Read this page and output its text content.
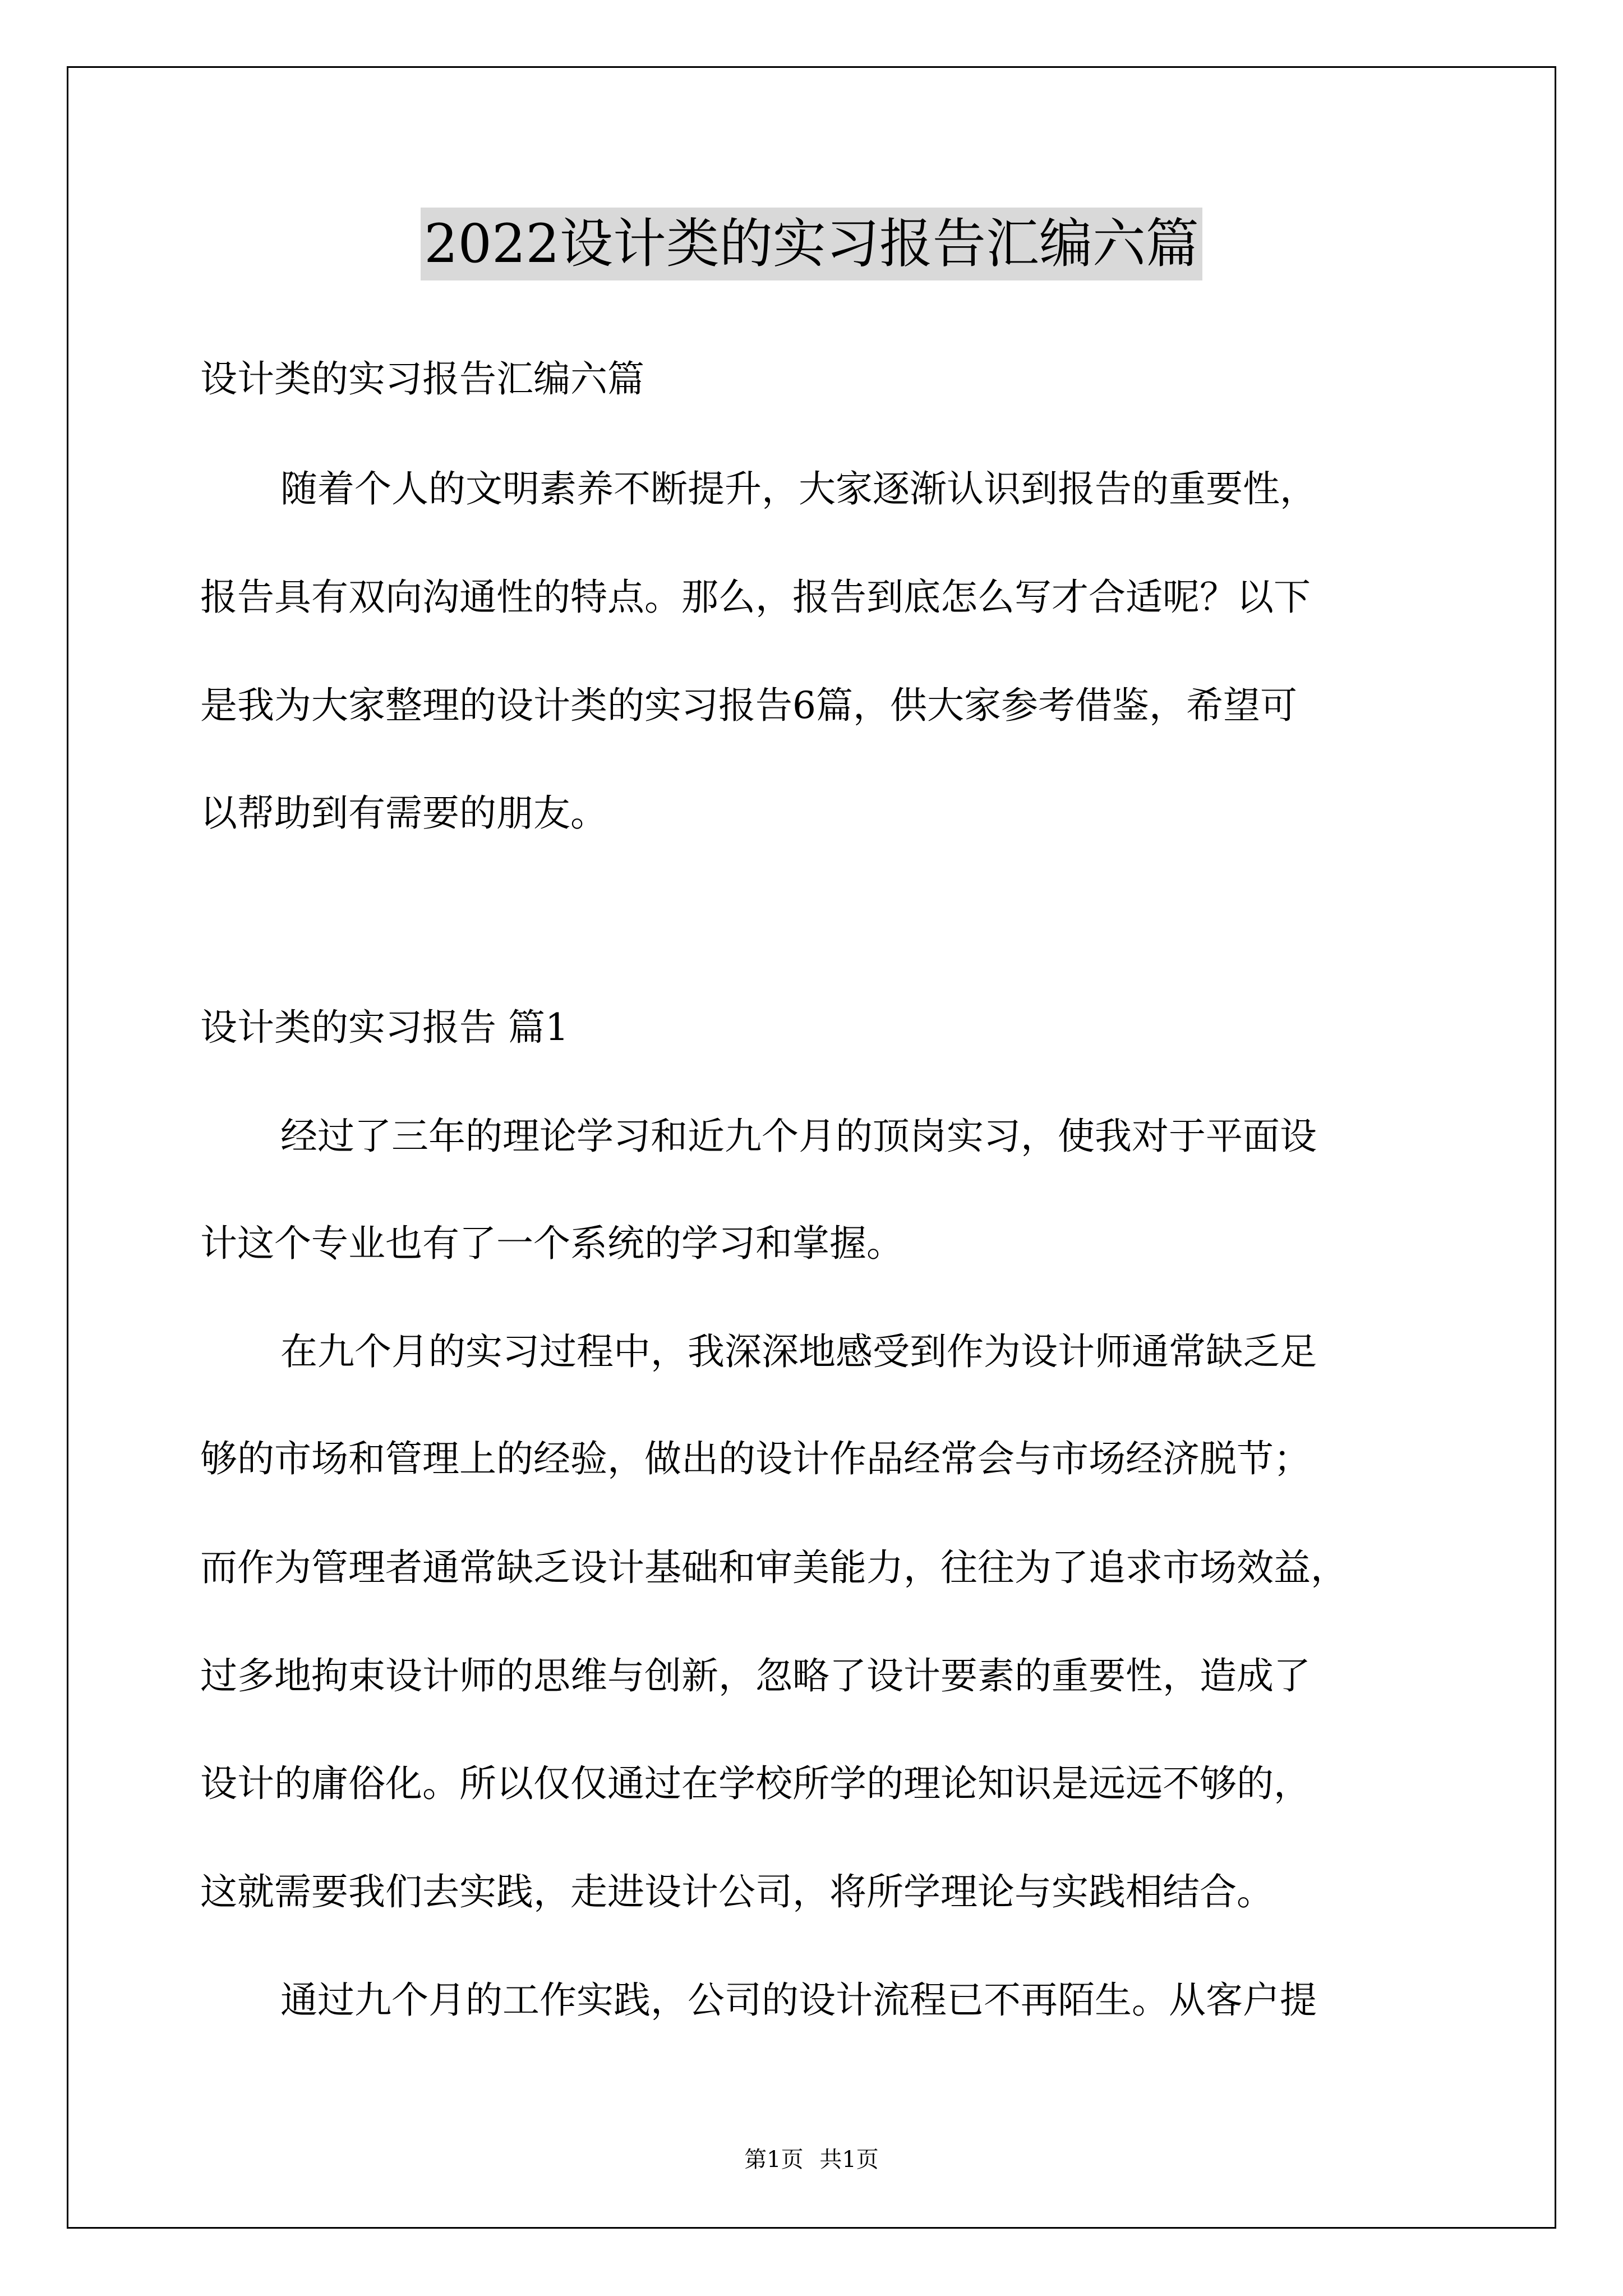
2022设计类的实习报告汇编六篇
设计类的实习报告汇编六篇
随着个人的文明素养不断提升，大家逐渐认识到报告的重要性，
报告具有双向沟通性的特点。那么，报告到底怎么写才合适呢？以下
是我为大家整理的设计类的实习报告6篇，供大家参考借鉴，希望可
以帮助到有需要的朋友。
设计类的实习报告 篇1
经过了三年的理论学习和近九个月的顶岗实习，使我对于平面设
计这个专业也有了一个系统的学习和掌握。
在九个月的实习过程中，我深深地感受到作为设计师通常缺乏足
够的市场和管理上的经验，做出的设计作品经常会与市场经济脱节；
而作为管理者通常缺乏设计基础和审美能力，往往为了追求市场效益，
过多地拘束设计师的思维与创新，忽略了设计要素的重要性，造成了
设计的庸俗化。所以仅仅通过在学校所学的理论知识是远远不够的，
这就需要我们去实践，走进设计公司，将所学理论与实践相结合。
通过九个月的工作实践，公司的设计流程已不再陌生。从客户提
第1页 共1页
